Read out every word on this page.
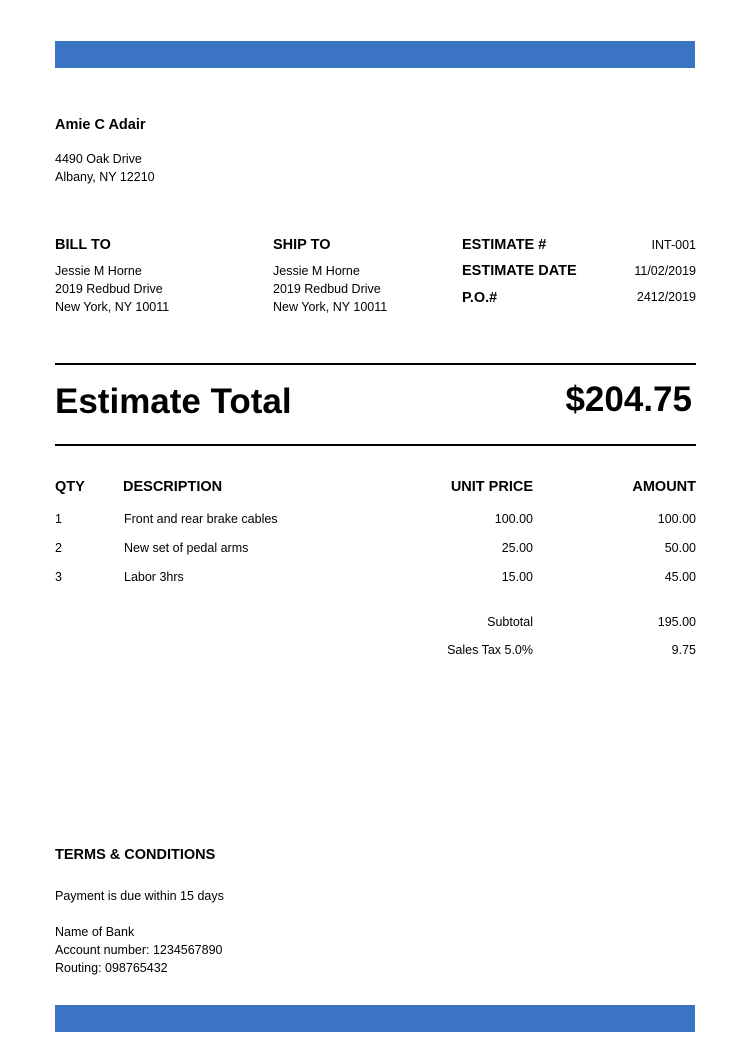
Amie C Adair
4490 Oak Drive
Albany, NY 12210
BILL TO
Jessie M Horne
2019 Redbud Drive
New York, NY 10011
SHIP TO
Jessie M Horne
2019 Redbud Drive
New York, NY 10011
ESTIMATE #	INT-001
ESTIMATE DATE	11/02/2019
P.O.#	2412/2019
Estimate Total	$204.75
QTY	DESCRIPTION	UNIT PRICE	AMOUNT
1	Front and rear brake cables	100.00	100.00
2	New set of pedal arms	25.00	50.00
3	Labor 3hrs	15.00	45.00
Subtotal	195.00
Sales Tax 5.0%	9.75
TERMS & CONDITIONS
Payment is due within 15 days
Name of Bank
Account number: 1234567890
Routing: 098765432
